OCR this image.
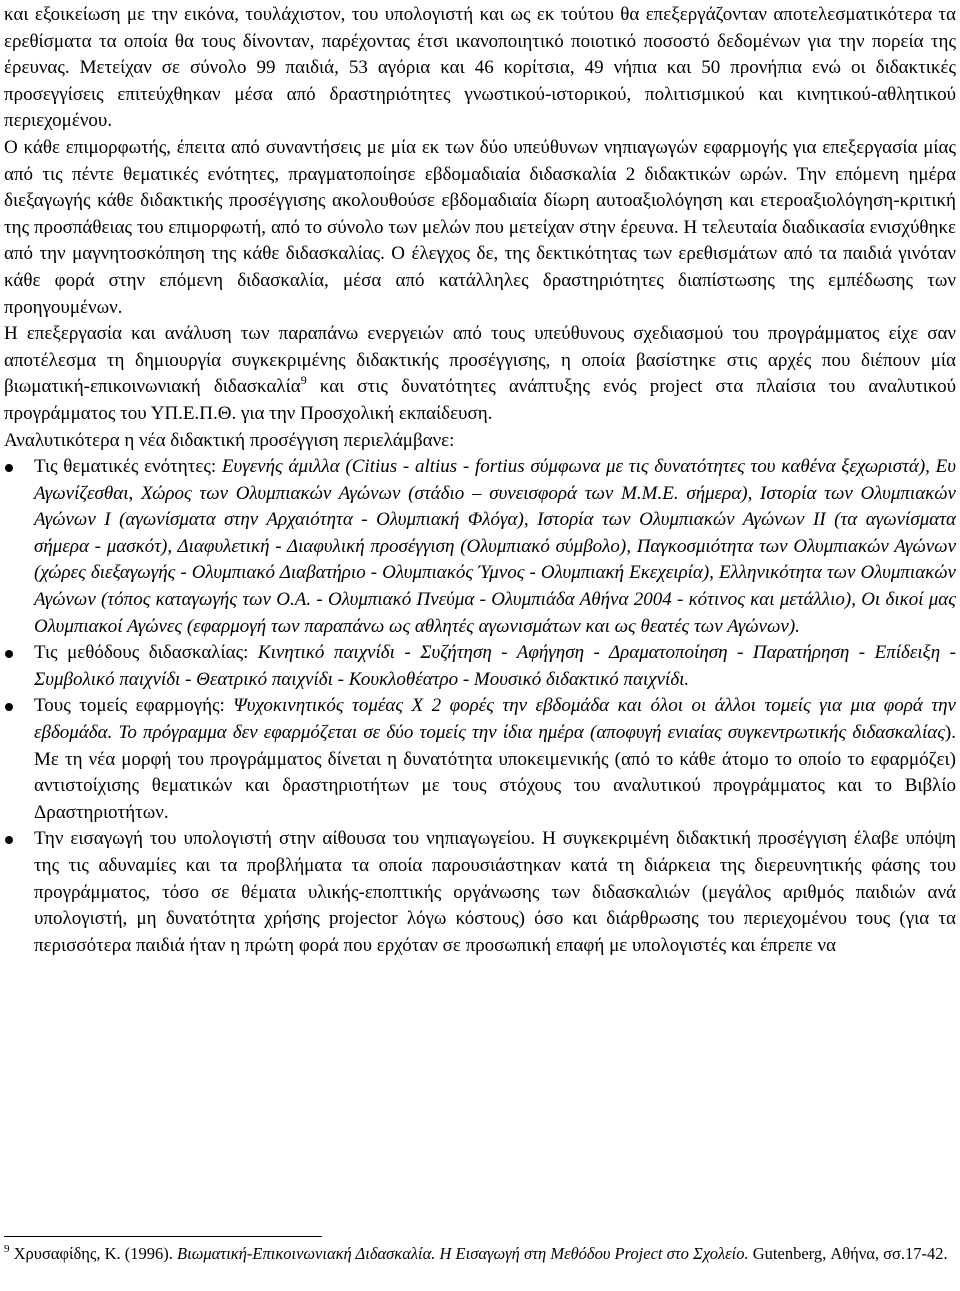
και εξοικείωση με την εικόνα, τουλάχιστον, του υπολογιστή και ως εκ τούτου θα επεξεργάζονταν αποτελεσματικότερα τα ερεθίσματα τα οποία θα τους δίνονταν, παρέχοντας έτσι ικανοποιητικό ποιοτικό ποσοστό δεδομένων για την πορεία της έρευνας. Μετείχαν σε σύνολο 99 παιδιά, 53 αγόρια και 46 κορίτσια, 49 νήπια και 50 προνήπια ενώ οι διδακτικές προσεγγίσεις επιτεύχθηκαν μέσα από δραστηριότητες γνωστικού-ιστορικού, πολιτισμικού και κινητικού-αθλητικού περιεχομένου.

Ο κάθε επιμορφωτής, έπειτα από συναντήσεις με μία εκ των δύο υπεύθυνων νηπιαγωγών εφαρμογής για επεξεργασία μίας από τις πέντε θεματικές ενότητες, πραγματοποίησε εβδομαδιαία διδασκαλία 2 διδακτικών ωρών. Την επόμενη ημέρα διεξαγωγής κάθε διδακτικής προσέγγισης ακολουθούσε εβδομαδιαία δίωρη αυτοαξιολόγηση και ετεροαξιολόγηση-κριτική της προσπάθειας του επιμορφωτή, από το σύνολο των μελών που μετείχαν στην έρευνα. Η τελευταία διαδικασία ενισχύθηκε από την μαγνητοσκόπηση της κάθε διδασκαλίας. Ο έλεγχος δε, της δεκτικότητας των ερεθισμάτων από τα παιδιά γινόταν κάθε φορά στην επόμενη διδασκαλία, μέσα από κατάλληλες δραστηριότητες διαπίστωσης της εμπέδωσης των προηγουμένων.

Η επεξεργασία και ανάλυση των παραπάνω ενεργειών από τους υπεύθυνους σχεδιασμού του προγράμματος είχε σαν αποτέλεσμα τη δημιουργία συγκεκριμένης διδακτικής προσέγγισης, η οποία βασίστηκε στις αρχές που διέπουν μία βιωματική-επικοινωνιακή διδασκαλία$^9$ και στις δυνατότητες ανάπτυξης ενός project στα πλαίσια του αναλυτικού προγράμματος του ΥΠ.Ε.Π.Θ. για την Προσχολική εκπαίδευση.

Αναλυτικότερα η νέα διδακτική προσέγγιση περιελάμβανε:

Τις θεματικές ενότητες: Ευγενής άμιλλα (Citius - altius - fortius σύμφωνα με τις δυνατότητες του καθένα ξεχωριστά), Ευ Αγωνίζεσθαι, Χώρος των Ολυμπιακών Αγώνων (στάδιο – συνεισφορά των Μ.Μ.Ε. σήμερα), Ιστορία των Ολυμπιακών Αγώνων Ι (αγωνίσματα στην Αρχαιότητα - Ολυμπιακή Φλόγα), Ιστορία των Ολυμπιακών Αγώνων ΙΙ (τα αγωνίσματα σήμερα - μασκότ), Διαφυλετική - Διαφυλική προσέγγιση (Ολυμπιακό σύμβολο), Παγκοσμιότητα των Ολυμπιακών Αγώνων (χώρες διεξαγωγής - Ολυμπιακό Διαβατήριο - Ολυμπιακός Ύμνος - Ολυμπιακή Εκεχειρία), Ελληνικότητα των Ολυμπιακών Αγώνων (τόπος καταγωγής των Ο.Α. - Ολυμπιακό Πνεύμα - Ολυμπιάδα Αθήνα 2004 - κότινος και μετάλλιο), Οι δικοί μας Ολυμπιακοί Αγώνες (εφαρμογή των παραπάνω ως αθλητές αγωνισμάτων και ως θεατές των Αγώνων).
Τις μεθόδους διδασκαλίας: Κινητικό παιχνίδι - Συζήτηση - Αφήγηση - Δραματοποίηση - Παρατήρηση - Επίδειξη - Συμβολικό παιχνίδι - Θεατρικό παιχνίδι - Κουκλοθέατρο - Μουσικό διδακτικό παιχνίδι.
Τους τομείς εφαρμογής: Ψυχοκινητικός τομέας Χ 2 φορές την εβδομάδα και όλοι οι άλλοι τομείς για μια φορά την εβδομάδα. Το πρόγραμμα δεν εφαρμόζεται σε δύο τομείς την ίδια ημέρα (αποφυγή ενιαίας συγκεντρωτικής διδασκαλίας). Με τη νέα μορφή του προγράμματος δίνεται η δυνατότητα υποκειμενικής (από το κάθε άτομο το οποίο το εφαρμόζει) αντιστοίχισης θεματικών και δραστηριοτήτων με τους στόχους του αναλυτικού προγράμματος και το Βιβλίο Δραστηριοτήτων.
Την εισαγωγή του υπολογιστή στην αίθουσα του νηπιαγωγείου. Η συγκεκριμένη διδακτική προσέγγιση έλαβε υπόψη της τις αδυναμίες και τα προβλήματα τα οποία παρουσιάστηκαν κατά τη διάρκεια της διερευνητικής φάσης του προγράμματος, τόσο σε θέματα υλικής-εποπτικής οργάνωσης των διδασκαλιών (μεγάλος αριθμός παιδιών ανά υπολογιστή, μη δυνατότητα χρήσης projector λόγω κόστους) όσο και διάρθρωσης του περιεχομένου τους (για τα περισσότερα παιδιά ήταν η πρώτη φορά που ερχόταν σε προσωπική επαφή με υπολογιστές και έπρεπε να
$^9$ Χρυσαφίδης, Κ. (1996). Βιωματική-Επικοινωνιακή Διδασκαλία. Η Εισαγωγή στη Μεθόδου Project στο Σχολείο. Gutenberg, Αθήνα, σσ.17-42.
